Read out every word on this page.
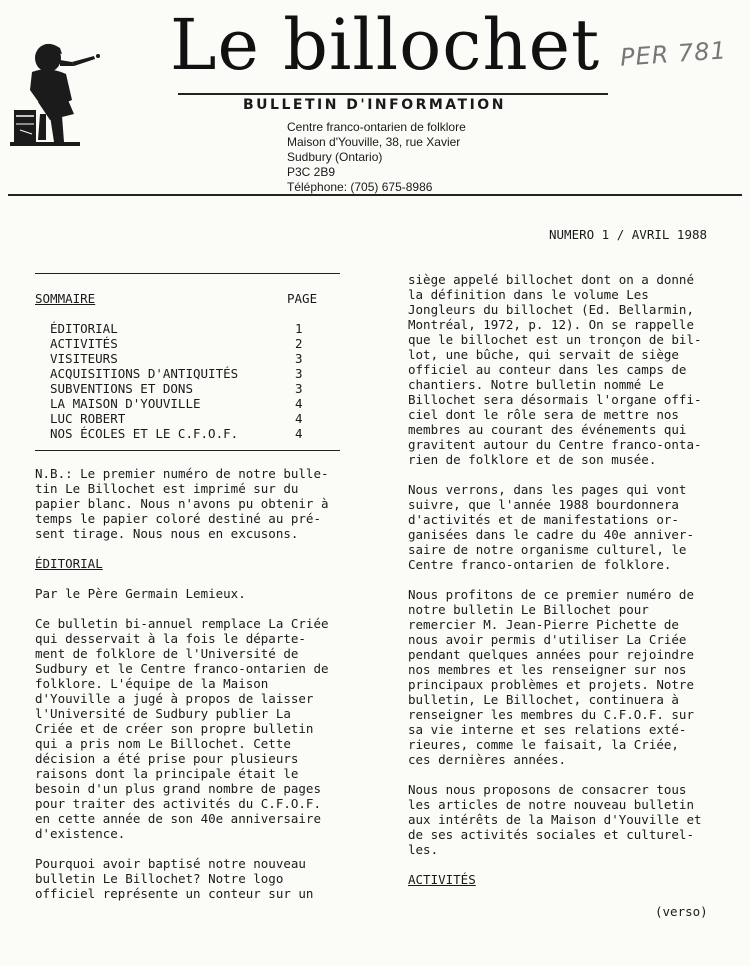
Le billochet PER 781
BULLETIN D'INFORMATION
Centre franco-ontarien de folklore
Maison d'Youville, 38, rue Xavier
Sudbury (Ontario)
P3C 2B9
Téléphone: (705) 675-8986
NUMERO 1 / AVRIL 1988
SOMMAIRE	PAGE
ÉDITORIAL	1
ACTIVITÉS	2
VISITEURS	3
ACQUISITIONS D'ANTIQUITÉS	3
SUBVENTIONS ET DONS	3
LA MAISON D'YOUVILLE	4
LUC ROBERT	4
NOS ÉCOLES ET LE C.F.O.F.	4

N.B.: Le premier numéro de notre bulle-
tin Le Billochet est imprimé sur du
papier blanc. Nous n'avons pu obtenir à
temps le papier coloré destiné au pré-
sent tirage. Nous nous en excusons.

ÉDITORIAL

Par le Père Germain Lemieux.

Ce bulletin bi-annuel remplace La Criée
qui desservait à la fois le départe-
ment de folklore de l'Université de
Sudbury et le Centre franco-ontarien de
folklore. L'équipe de la Maison
d'Youville a jugé à propos de laisser
l'Université de Sudbury publier La
Criée et de créer son propre bulletin
qui a pris nom Le Billochet. Cette
décision a été prise pour plusieurs
raisons dont la principale était le
besoin d'un plus grand nombre de pages
pour traiter des activités du C.F.O.F.
en cette année de son 40e anniversaire
d'existence.

Pourquoi avoir baptisé notre nouveau
bulletin Le Billochet? Notre logo
officiel représente un conteur sur un

siège appelé billochet dont on a donné
la définition dans le volume Les
Jongleurs du billochet (Ed. Bellarmin,
Montréal, 1972, p. 12). On se rappelle
que le billochet est un tronçon de bil-
lot, une bûche, qui servait de siège
officiel au conteur dans les camps de
chantiers. Notre bulletin nommé Le
Billochet sera désormais l'organe offi-
ciel dont le rôle sera de mettre nos
membres au courant des événements qui
gravitent autour du Centre franco-onta-
rien de folklore et de son musée.

Nous verrons, dans les pages qui vont
suivre, que l'année 1988 bourdonnera
d'activités et de manifestations or-
ganisées dans le cadre du 40e anniver-
saire de notre organisme culturel, le
Centre franco-ontarien de folklore.

Nous profitons de ce premier numéro de
notre bulletin Le Billochet pour
remercier M. Jean-Pierre Pichette de
nous avoir permis d'utiliser La Criée
pendant quelques années pour rejoindre
nos membres et les renseigner sur nos
principaux problèmes et projets. Notre
bulletin, Le Billochet, continuera à
renseigner les membres du C.F.O.F. sur
sa vie interne et ses relations exté-
rieures, comme le faisait, la Criée,
ces dernières années.

Nous nous proposons de consacrer tous
les articles de notre nouveau bulletin
aux intérêts de la Maison d'Youville et
de ses activités sociales et culturel-
les.

ACTIVITÉS

(verso)
